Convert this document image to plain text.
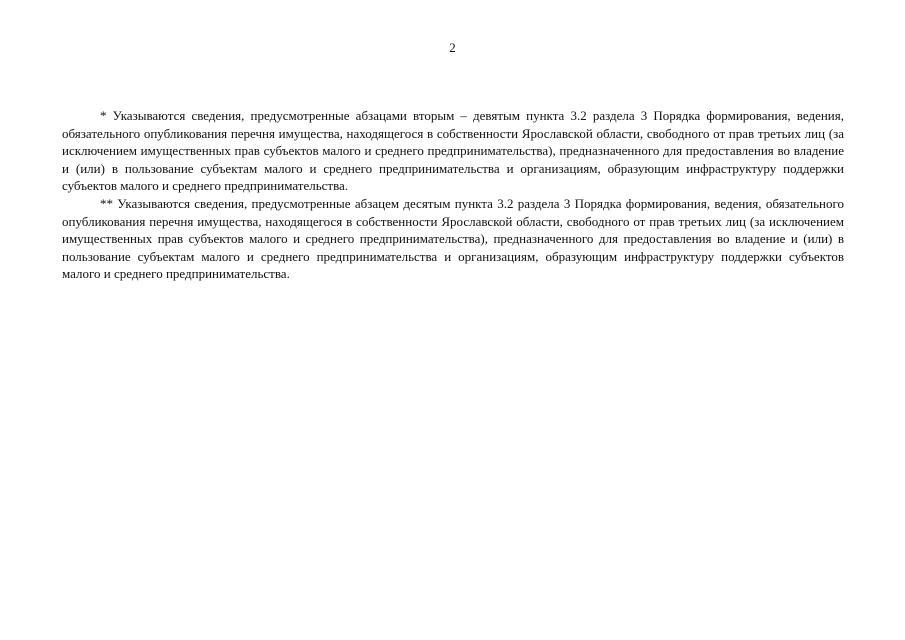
2

* Указываются сведения, предусмотренные абзацами вторым – девятым пункта 3.2 раздела 3 Порядка формирования, ведения, обязательного опубликования перечня имущества, находящегося в собственности Ярославской области, свободного от прав третьих лиц (за исключением имущественных прав субъектов малого и среднего предпринимательства), предназначенного для предоставления во владение и (или) в пользование субъектам малого и среднего предпринимательства и организациям, образующим инфраструктуру поддержки субъектов малого и среднего предпринимательства.

** Указываются сведения, предусмотренные абзацем десятым пункта 3.2 раздела 3 Порядка формирования, ведения, обязательного опубликования перечня имущества, находящегося в собственности Ярославской области, свободного от прав третьих лиц (за исключением имущественных прав субъектов малого и среднего предпринимательства), предназначенного для предоставления во владение и (или) в пользование субъектам малого и среднего предпринимательства и организациям, образующим инфраструктуру поддержки субъектов малого и среднего предпринимательства.
